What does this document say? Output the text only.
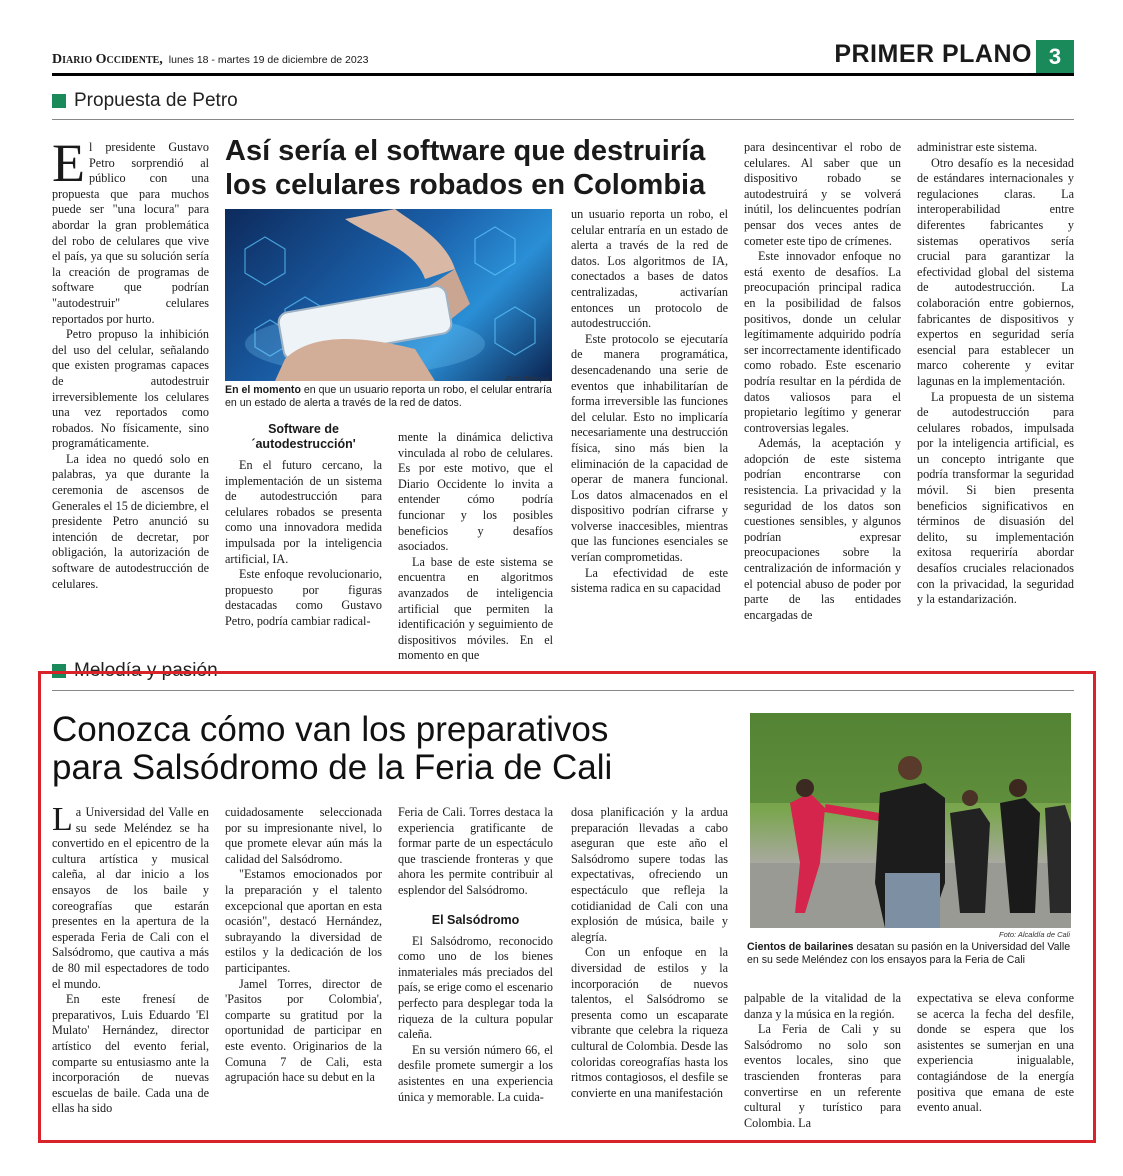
Diario Occidente, lunes 18 - martes 19 de diciembre de 2023	PRIMER PLANO 3
Propuesta de Petro

El presidente Gustavo Petro sorprendió al público con una propuesta que para muchos puede ser "una locura" para abordar la gran problemática del robo de celulares que vive el país, ya que su solución sería la creación de programas de software que podrían "autodestruir" celulares reportados por hurto.

Petro propuso la inhibición del uso del celular, señalando que existen programas capaces de autodestruir irreversiblemente los celulares una vez reportados como robados. No físicamente, sino programáticamente.

La idea no quedó solo en palabras, ya que durante la ceremonia de ascensos de Generales el 15 de diciembre, el presidente Petro anunció su intención de decretar, por obligación, la autorización de software de autodestrucción de celulares.

Así sería el software que destruiría
los celulares robados en Colombia
Foto: Freepik
En el momento en que un usuario reporta un robo, el celular entraría en un estado de alerta a través de la red de datos.
Software de ´autodestrucción'

En el futuro cercano, la implementación de un sistema de autodestrucción para celulares robados se presenta como una innovadora medida impulsada por la inteligencia artificial, IA.

Este enfoque revolucionario, propuesto por figuras destacadas como Gustavo Petro, podría cambiar radical-

mente la dinámica delictiva vinculada al robo de celulares. Es por este motivo, que el Diario Occidente lo invita a entender cómo podría funcionar y los posibles beneficios y desafíos asociados.

La base de este sistema se encuentra en algoritmos avanzados de inteligencia artificial que permiten la identificación y seguimiento de dispositivos móviles. En el momento en que

un usuario reporta un robo, el celular entraría en un estado de alerta a través de la red de datos. Los algoritmos de IA, conectados a bases de datos centralizadas, activarían entonces un protocolo de autodestrucción.

Este protocolo se ejecutaría de manera programática, desencadenando una serie de eventos que inhabilitarían de forma irreversible las funciones del celular. Esto no implicaría necesariamente una destrucción física, sino más bien la eliminación de la capacidad de operar de manera funcional. Los datos almacenados en el dispositivo podrían cifrarse y volverse inaccesibles, mientras que las funciones esenciales se verían comprometidas.

La efectividad de este sistema radica en su capacidad

para desincentivar el robo de celulares. Al saber que un dispositivo robado se autodestruirá y se volverá inútil, los delincuentes podrían pensar dos veces antes de cometer este tipo de crímenes.

Este innovador enfoque no está exento de desafíos. La preocupación principal radica en la posibilidad de falsos positivos, donde un celular legítimamente adquirido podría ser incorrectamente identificado como robado. Este escenario podría resultar en la pérdida de datos valiosos para el propietario legítimo y generar controversias legales.

Además, la aceptación y adopción de este sistema podrían encontrarse con resistencia. La privacidad y la seguridad de los datos son cuestiones sensibles, y algunos podrían expresar preocupaciones sobre la centralización de información y el potencial abuso de poder por parte de las entidades encargadas de

administrar este sistema.

Otro desafío es la necesidad de estándares internacionales y regulaciones claras. La interoperabilidad entre diferentes fabricantes y sistemas operativos sería crucial para garantizar la efectividad global del sistema de autodestrucción. La colaboración entre gobiernos, fabricantes de dispositivos y expertos en seguridad sería esencial para establecer un marco coherente y evitar lagunas en la implementación.

La propuesta de un sistema de autodestrucción para celulares robados, impulsada por la inteligencia artificial, es un concepto intrigante que podría transformar la seguridad móvil. Si bien presenta beneficios significativos en términos de disuasión del delito, su implementación exitosa requeriría abordar desafíos cruciales relacionados con la privacidad, la seguridad y la estandarización.

Melodía y pasión
Conozca cómo van los preparativos
para Salsódromo de la Feria de Cali
Foto: Alcaldía de Cali
Cientos de bailarines desatan su pasión en la Universidad del Valle en su sede Meléndez con los ensayos para la Feria de Cali

La Universidad del Valle en su sede Meléndez se ha convertido en el epicentro de la cultura artística y musical caleña, al dar inicio a los ensayos de los baile y coreografías que estarán presentes en la apertura de la esperada Feria de Cali con el Salsódromo, que cautiva a más de 80 mil espectadores de todo el mundo.

En este frenesí de preparativos, Luis Eduardo 'El Mulato' Hernández, director artístico del evento ferial, comparte su entusiasmo ante la incorporación de nuevas escuelas de baile. Cada una de ellas ha sido

cuidadosamente seleccionada por su impresionante nivel, lo que promete elevar aún más la calidad del Salsódromo.

"Estamos emocionados por la preparación y el talento excepcional que aportan en esta ocasión", destacó Hernández, subrayando la diversidad de estilos y la dedicación de los participantes.

Jamel Torres, director de 'Pasitos por Colombia', comparte su gratitud por la oportunidad de participar en este evento. Originarios de la Comuna 7 de Cali, esta agrupación hace su debut en la

Feria de Cali. Torres destaca la experiencia gratificante de formar parte de un espectáculo que trasciende fronteras y que ahora les permite contribuir al esplendor del Salsódromo.

El Salsódromo

El Salsódromo, reconocido como uno de los bienes inmateriales más preciados del país, se erige como el escenario perfecto para desplegar toda la riqueza de la cultura popular caleña.

En su versión número 66, el desfile promete sumergir a los asistentes en una experiencia única y memorable. La cuida-

dosa planificación y la ardua preparación llevadas a cabo aseguran que este año el Salsódromo supere todas las expectativas, ofreciendo un espectáculo que refleja la cotidianidad de Cali con una explosión de música, baile y alegría.

Con un enfoque en la diversidad de estilos y la incorporación de nuevos talentos, el Salsódromo se presenta como un escaparate vibrante que celebra la riqueza cultural de Colombia. Desde las coloridas coreografías hasta los ritmos contagiosos, el desfile se convierte en una manifestación

palpable de la vitalidad de la danza y la música en la región.

La Feria de Cali y su Salsódromo no solo son eventos locales, sino que trascienden fronteras para convertirse en un referente cultural y turístico para Colombia. La

expectativa se eleva conforme se acerca la fecha del desfile, donde se espera que los asistentes se sumerjan en una experiencia inigualable, contagiándose de la energía positiva que emana de este evento anual.
